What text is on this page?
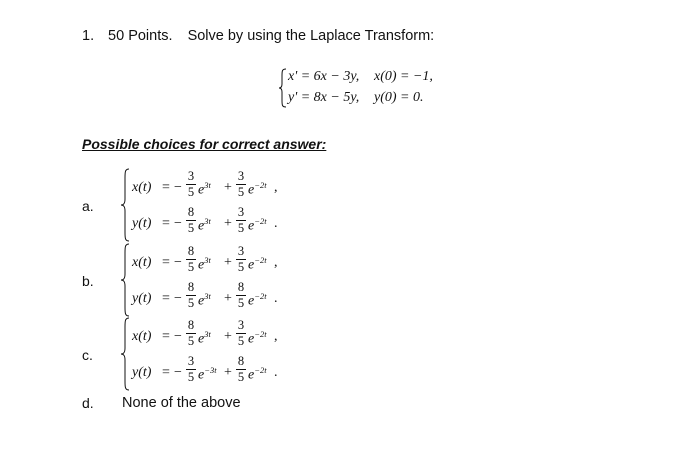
1. 50 Points. Solve by using the Laplace Transform:
x' = 6x − 3y, x(0) = −1,
y' = 8x − 5y, y(0) = 0.
Possible choices for correct answer:
a.
b.
c.
d.
x(t) = −
3
5 $e^{3t}$ +
3
5 $e^{-2t}$ ,
y(t) = −
8
5 $e^{3t}$ +
3
5 $e^{-2t}$ .
x(t) = −
8
5 $e^{3t}$ +
3
5 $e^{-2t}$ ,
y(t) = −
8
5 $e^{3t}$ +
8
5 $e^{-2t}$ .
x(t) = −
8
5 $e^{3t}$ +
3
5 $e^{-2t}$ ,
y(t) = −
3
5 $e^{-3t}$ +
8
5 $e^{-2t}$ .
None of the above
